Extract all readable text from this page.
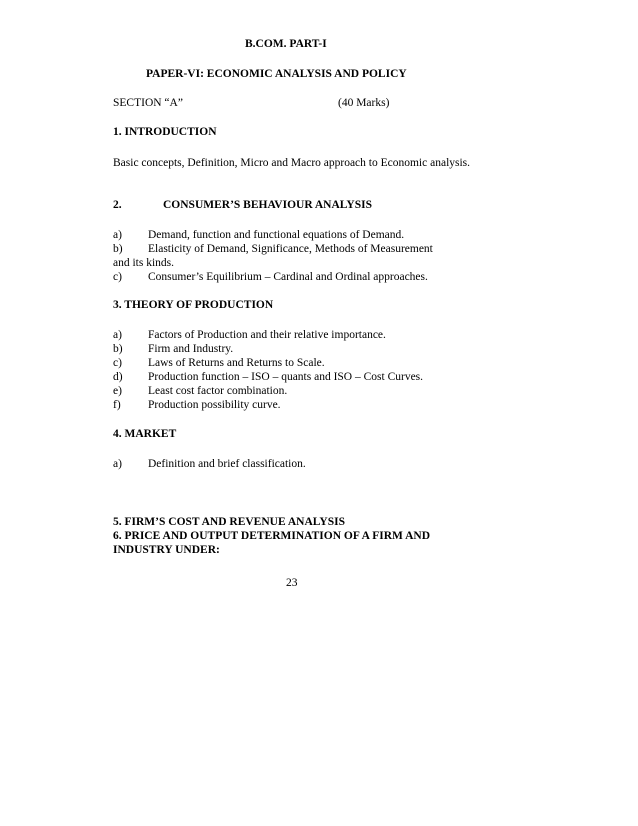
B.COM. PART-I
PAPER-VI: ECONOMIC ANALYSIS AND POLICY
SECTION “A”	(40 Marks)
1. INTRODUCTION
Basic concepts, Definition, Micro and Macro approach to Economic analysis.
2.	CONSUMER’S BEHAVIOUR ANALYSIS
a) Demand, function and functional equations of Demand.
b) Elasticity of Demand, Significance, Methods of Measurement
and its kinds.
c) Consumer’s Equilibrium – Cardinal and Ordinal approaches.
3. THEORY OF PRODUCTION
a) Factors of Production and their relative importance.
b) Firm and Industry.
c) Laws of Returns and Returns to Scale.
d) Production function – ISO – quants and ISO – Cost Curves.
e) Least cost factor combination.
f) Production possibility curve.
4. MARKET
a) Definition and brief classification.
5. FIRM’S COST AND REVENUE ANALYSIS
6. PRICE AND OUTPUT DETERMINATION OF A FIRM AND
INDUSTRY UNDER:
23
